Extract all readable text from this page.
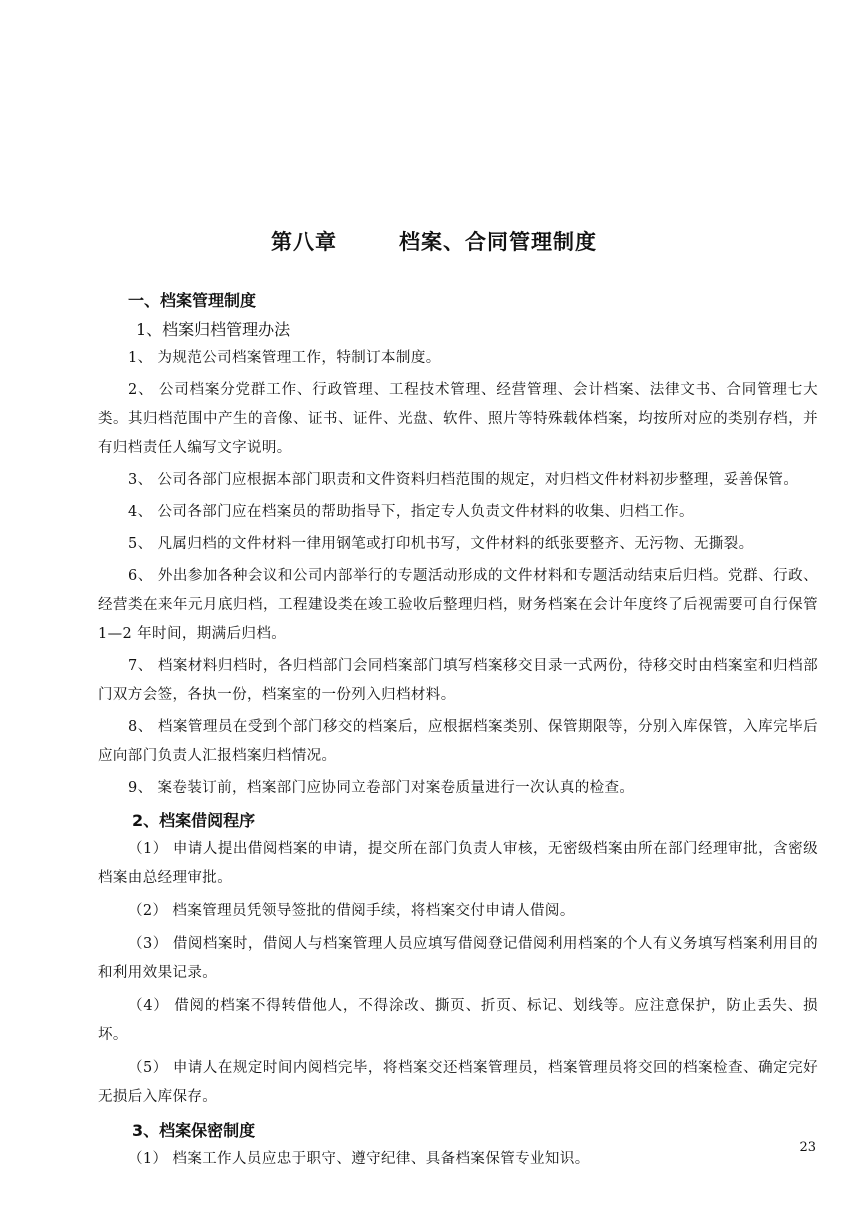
第八章	档案、合同管理制度
一、档案管理制度
1、档案归档管理办法

1、 为规范公司档案管理工作，特制订本制度。

2、 公司档案分党群工作、行政管理、工程技术管理、经营管理、会计档案、法律文书、合同管理七大类。其归档范围中产生的音像、证书、证件、光盘、软件、照片等特殊载体档案，均按所对应的类别存档，并有归档责任人编写文字说明。

3、 公司各部门应根据本部门职责和文件资料归档范围的规定，对归档文件材料初步整理，妥善保管。

4、 公司各部门应在档案员的帮助指导下，指定专人负责文件材料的收集、归档工作。

5、 凡属归档的文件材料一律用钢笔或打印机书写，文件材料的纸张要整齐、无污物、无撕裂。

6、 外出参加各种会议和公司内部举行的专题活动形成的文件材料和专题活动结束后归档。党群、行政、经营类在来年元月底归档，工程建设类在竣工验收后整理归档，财务档案在会计年度终了后视需要可自行保管 1—2 年时间，期满后归档。

7、 档案材料归档时，各归档部门会同档案部门填写档案移交目录一式两份，待移交时由档案室和归档部门双方会签，各执一份，档案室的一份列入归档材料。

8、 档案管理员在受到个部门移交的档案后，应根据档案类别、保管期限等，分别入库保管，入库完毕后应向部门负责人汇报档案归档情况。

9、 案卷装订前，档案部门应协同立卷部门对案卷质量进行一次认真的检查。

2、档案借阅程序

（1） 申请人提出借阅档案的申请，提交所在部门负责人审核，无密级档案由所在部门经理审批，含密级档案由总经理审批。

（2） 档案管理员凭领导签批的借阅手续，将档案交付申请人借阅。

（3） 借阅档案时，借阅人与档案管理人员应填写借阅登记借阅利用档案的个人有义务填写档案利用目的和利用效果记录。

（4） 借阅的档案不得转借他人，不得涂改、撕页、折页、标记、划线等。应注意保护，防止丢失、损坏。

（5） 申请人在规定时间内阅档完毕，将档案交还档案管理员，档案管理员将交回的档案检查、确定完好无损后入库保存。

3、档案保密制度

（1） 档案工作人员应忠于职守、遵守纪律、具备档案保管专业知识。

23
